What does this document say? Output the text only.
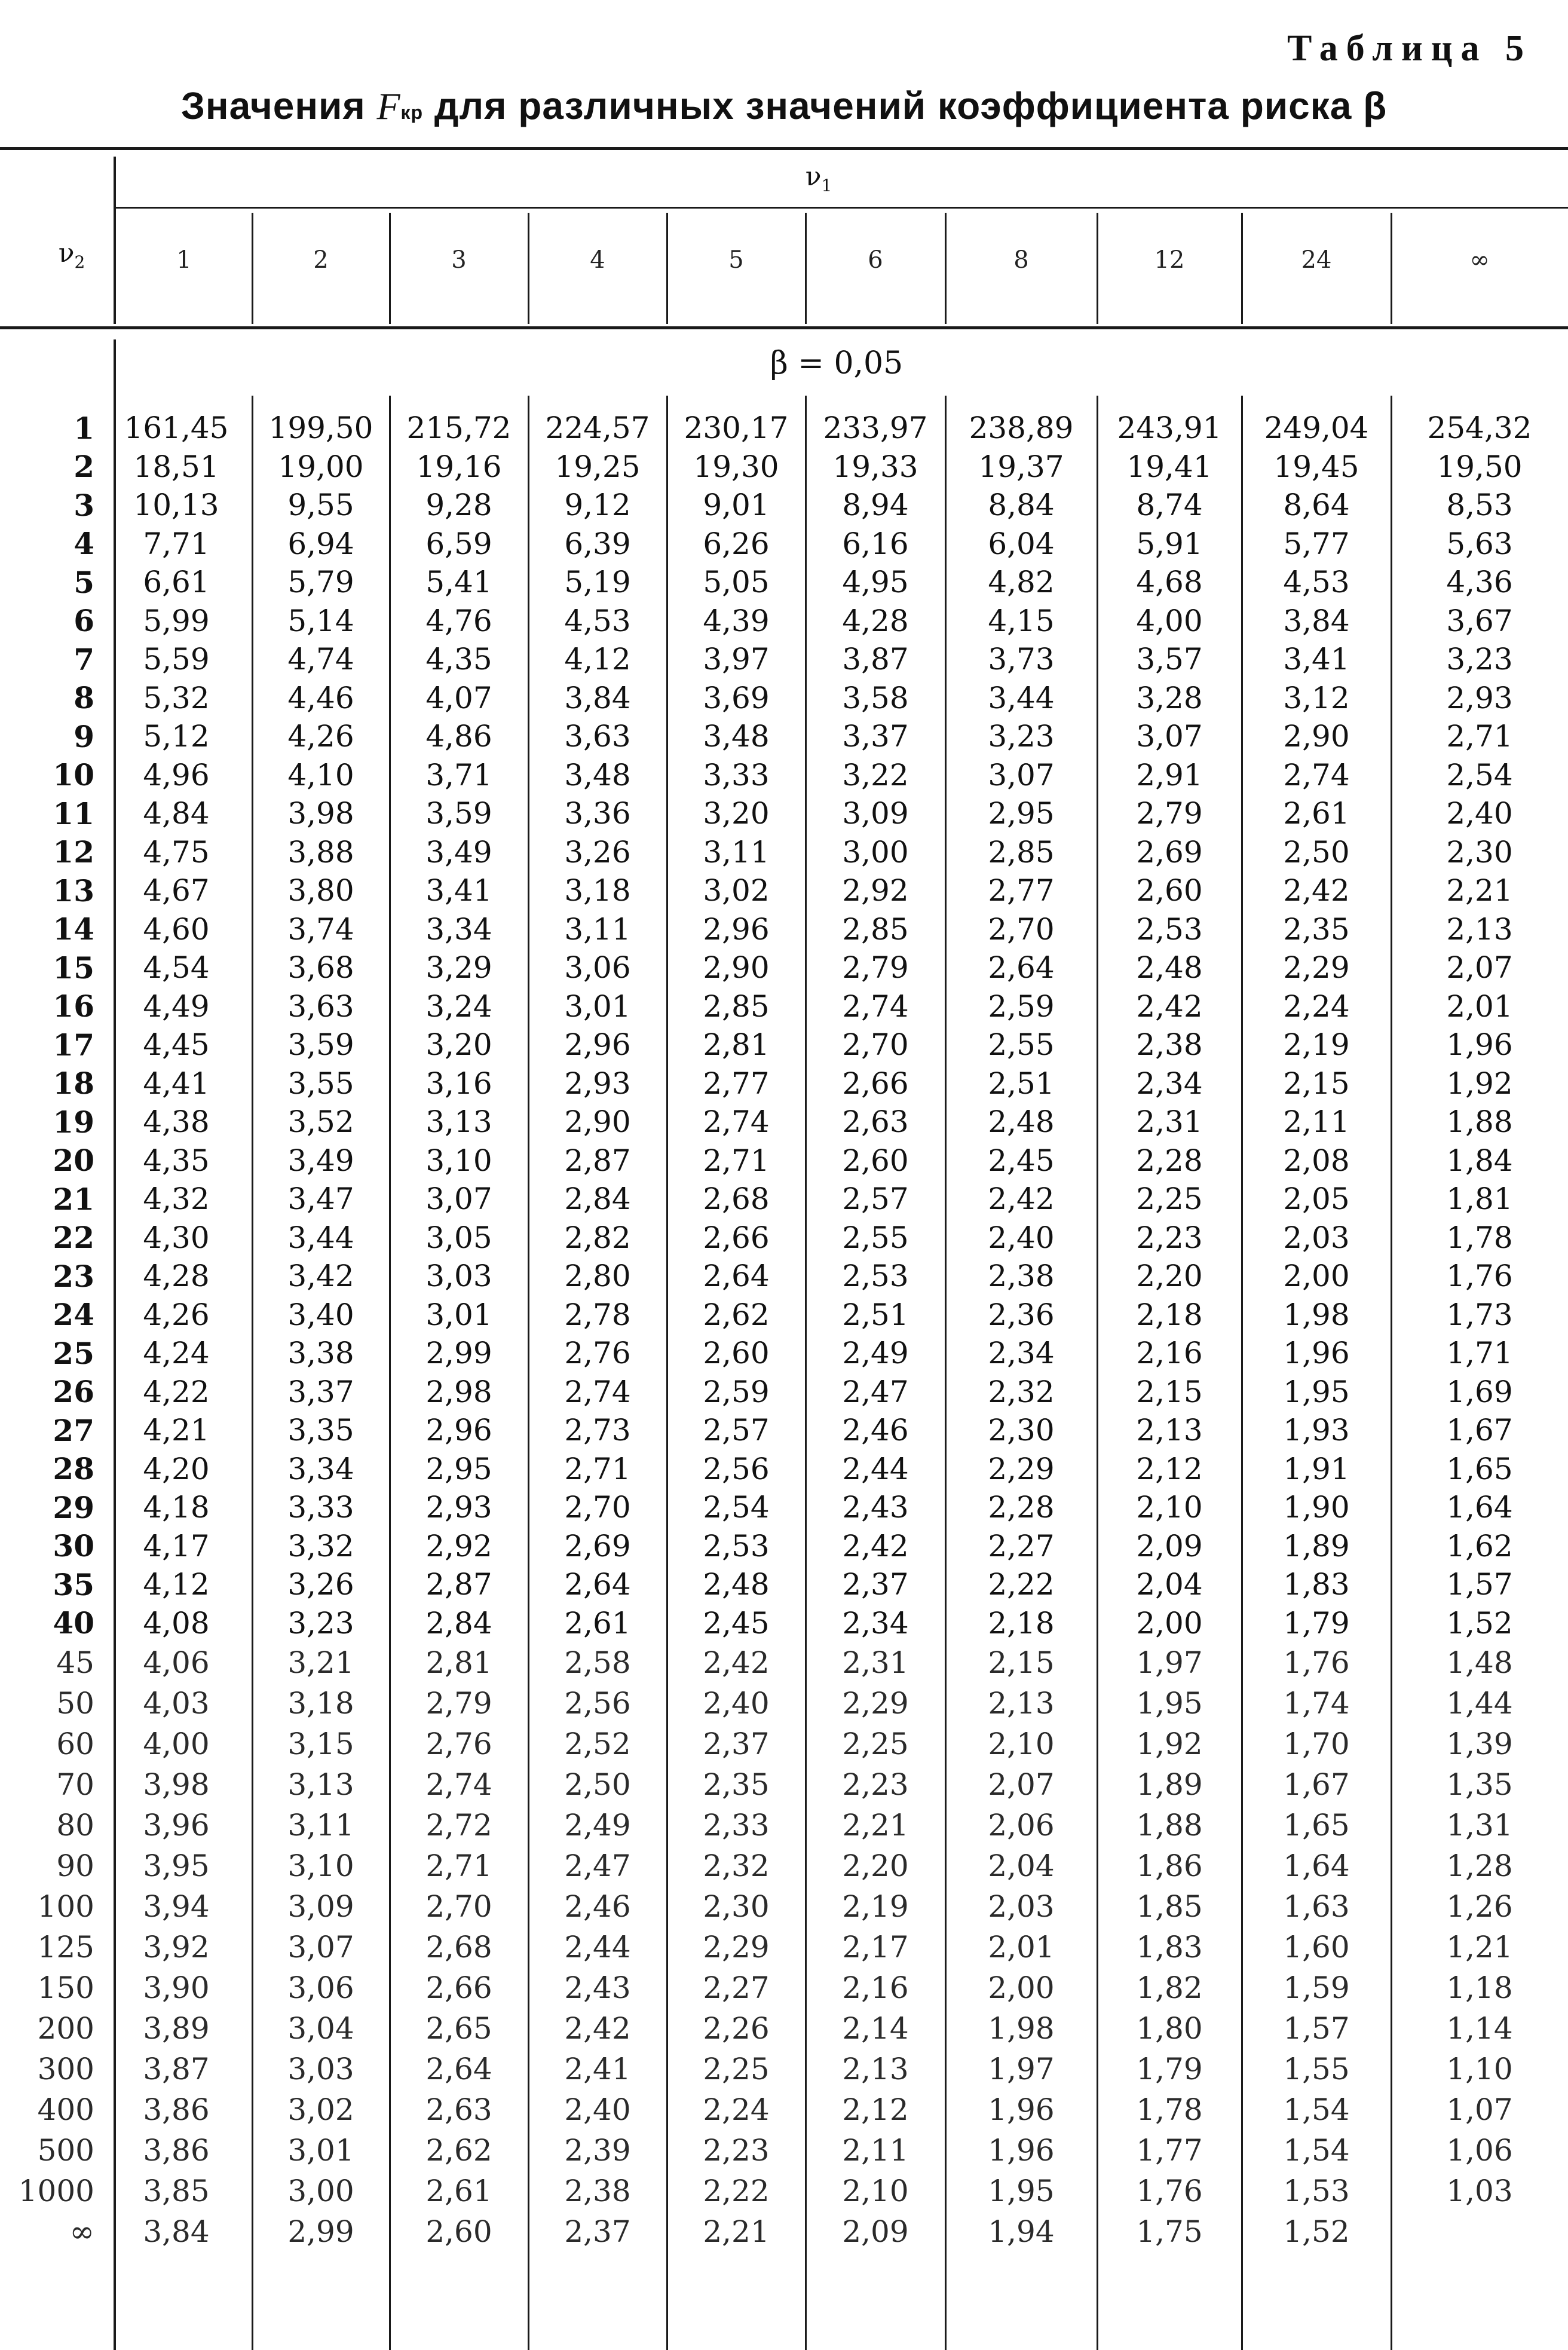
Таблица 5
Значения Fкр для различных значений коэффициента риска β
$\nu_2$
$\nu_1$
1	2	3	4	5	6	8	12	24	∞
β = 0,05
1 161,45	199,50	215,72	224,57	230,17	233,97	238,89	243,91	249,04	254,32
2	18,51	19,00	19,16	19,25	19,30	19,33	19,37	19,41	19,45	19,50
3	10,13	9,55	9,28	9,12	9,01	8,94	8,84	8,74	8,64	8,53
4	7,71	6,94	6,59	6,39	6,26	6,16	6,04	5,91	5,77	5,63
5	6,61	5,79	5,41	5,19	5,05	4,95	4,82	4,68	4,53	4,36
6	5,99	5,14	4,76	4,53	4,39	4,28	4,15	4,00	3,84	3,67
7	5,59	4,74	4,35	4,12	3,97	3,87	3,73	3,57	3,41	3,23
8	5,32	4,46	4,07	3,84	3,69	3,58	3,44	3,28	3,12	2,93
9	5,12	4,26	4,86	3,63	3,48	3,37	3,23	3,07	2,90	2,71
10	4,96	4,10	3,71	3,48	3,33	3,22	3,07	2,91	2,74	2,54
11	4,84	3,98	3,59	3,36	3,20	3,09	2,95	2,79	2,61	2,40
12	4,75	3,88	3,49	3,26	3,11	3,00	2,85	2,69	2,50	2,30
13	4,67	3,80	3,41	3,18	3,02	2,92	2,77	2,60	2,42	2,21
14	4,60	3,74	3,34	3,11	2,96	2,85	2,70	2,53	2,35	2,13
15	4,54	3,68	3,29	3,06	2,90	2,79	2,64	2,48	2,29	2,07
16	4,49	3,63	3,24	3,01	2,85	2,74	2,59	2,42	2,24	2,01
17	4,45	3,59	3,20	2,96	2,81	2,70	2,55	2,38	2,19	1,96
18	4,41	3,55	3,16	2,93	2,77	2,66	2,51	2,34	2,15	1,92
19	4,38	3,52	3,13	2,90	2,74	2,63	2,48	2,31	2,11	1,88
20	4,35	3,49	3,10	2,87	2,71	2,60	2,45	2,28	2,08	1,84
21	4,32	3,47	3,07	2,84	2,68	2,57	2,42	2,25	2,05	1,81
22	4,30	3,44	3,05	2,82	2,66	2,55	2,40	2,23	2,03	1,78
23	4,28	3,42	3,03	2,80	2,64	2,53	2,38	2,20	2,00	1,76
24	4,26	3,40	3,01	2,78	2,62	2,51	2,36	2,18	1,98	1,73
25	4,24	3,38	2,99	2,76	2,60	2,49	2,34	2,16	1,96	1,71
26	4,22	3,37	2,98	2,74	2,59	2,47	2,32	2,15	1,95	1,69
27	4,21	3,35	2,96	2,73	2,57	2,46	2,30	2,13	1,93	1,67
28	4,20	3,34	2,95	2,71	2,56	2,44	2,29	2,12	1,91	1,65
29	4,18	3,33	2,93	2,70	2,54	2,43	2,28	2,10	1,90	1,64
30	4,17	3,32	2,92	2,69	2,53	2,42	2,27	2,09	1,89	1,62
35	4,12	3,26	2,87	2,64	2,48	2,37	2,22	2,04	1,83	1,57
40	4,08	3,23	2,84	2,61	2,45	2,34	2,18	2,00	1,79	1,52
45	4,06	3,21	2,81	2,58	2,42	2,31	2,15	1,97	1,76	1,48
50	4,03	3,18	2,79	2,56	2,40	2,29	2,13	1,95	1,74	1,44
60	4,00	3,15	2,76	2,52	2,37	2,25	2,10	1,92	1,70	1,39
70	3,98	3,13	2,74	2,50	2,35	2,23	2,07	1,89	1,67	1,35
80	3,96	3,11	2,72	2,49	2,33	2,21	2,06	1,88	1,65	1,31
90	3,95	3,10	2,71	2,47	2,32	2,20	2,04	1,86	1,64	1,28
100	3,94	3,09	2,70	2,46	2,30	2,19	2,03	1,85	1,63	1,26
125	3,92	3,07	2,68	2,44	2,29	2,17	2,01	1,83	1,60	1,21
150	3,90	3,06	2,66	2,43	2,27	2,16	2,00	1,82	1,59	1,18
200	3,89	3,04	2,65	2,42	2,26	2,14	1,98	1,80	1,57	1,14
300	3,87	3,03	2,64	2,41	2,25	2,13	1,97	1,79	1,55	1,10
400	3,86	3,02	2,63	2,40	2,24	2,12	1,96	1,78	1,54	1,07
500	3,86	3,01	2,62	2,39	2,23	2,11	1,96	1,77	1,54	1,06
1000	3,85	3,00	2,61	2,38	2,22	2,10	1,95	1,76	1,53	1,03
∞	3,84	2,99	2,60	2,37	2,21	2,09	1,94	1,75	1,52
